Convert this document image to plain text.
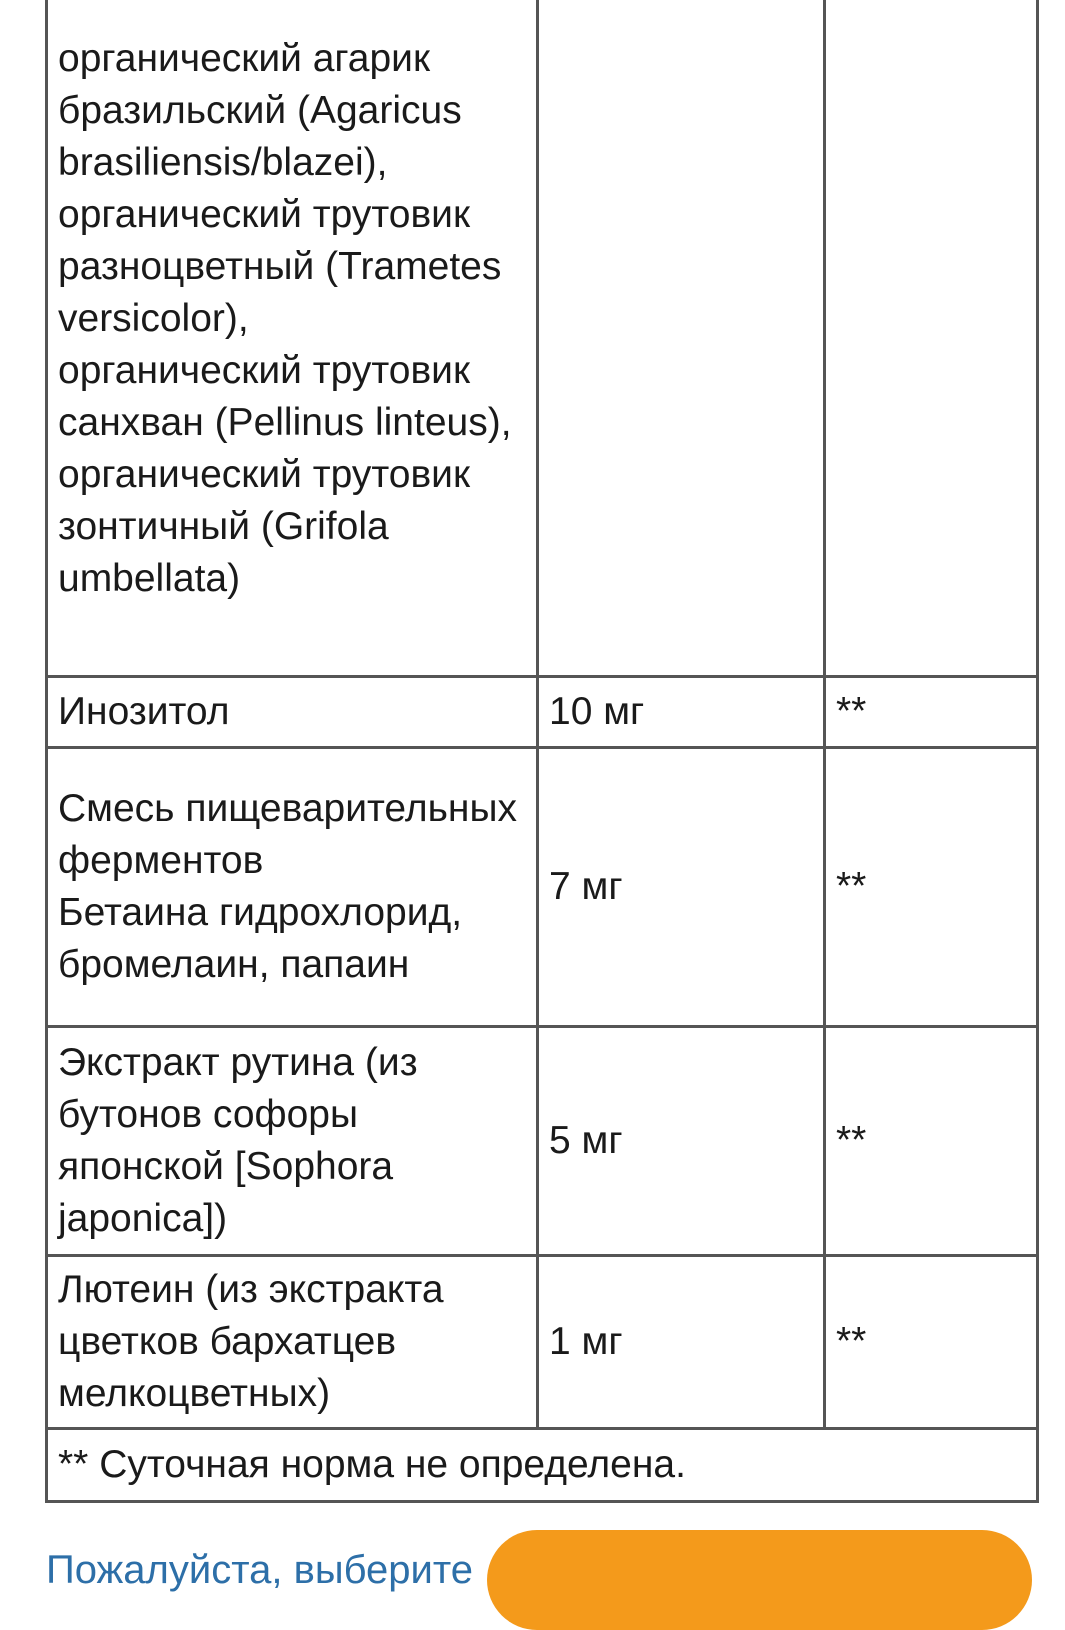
органический агарик бразильский (Agaricus brasiliensis/blazei),
органический трутовик разноцветный (Trametes versicolor),
органический трутовик санхван (Pellinus linteus),
органический трутовик зонтичный (Grifola umbellata)		
Инозитол	10 мг	**
Смесь пищеварительных ферментов
Бетаина гидрохлорид, бромелаин, папаин	7 мг	**
Экстракт рутина (из бутонов софоры японской [Sophora japonica])	5 мг	**
Лютеин (из экстракта цветков бархатцев мелкоцветных)	1 мг	**
** Суточная норма не определена.		
Пожалуйста, выберите
